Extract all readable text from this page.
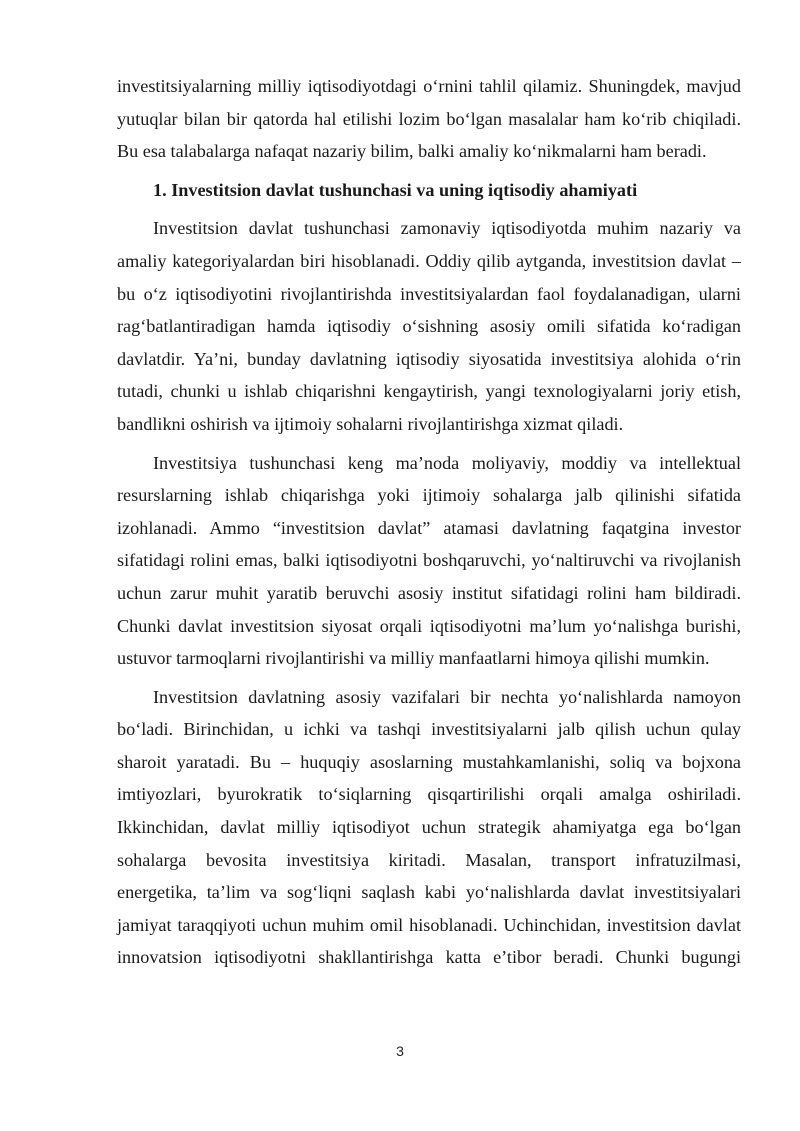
investitsiyalarning milliy iqtisodiyotdagi o‘rnini tahlil qilamiz. Shuningdek, mavjud
yutuqlar bilan bir qatorda hal etilishi lozim bo‘lgan masalalar ham ko‘rib chiqiladi.
Bu esa talabalarga nafaqat nazariy bilim, balki amaliy ko‘nikmalarni ham beradi.
1. Investitsion davlat tushunchasi va uning iqtisodiy ahamiyati
Investitsion davlat tushunchasi zamonaviy iqtisodiyotda muhim nazariy va
amaliy kategoriyalardan biri hisoblanadi. Oddiy qilib aytganda, investitsion davlat –
bu o‘z iqtisodiyotini rivojlantirishda investitsiyalardan faol foydalanadigan, ularni
rag‘batlantiradigan hamda iqtisodiy o‘sishning asosiy omili sifatida ko‘radigan
davlatdir. Ya’ni, bunday davlatning iqtisodiy siyosatida investitsiya alohida o‘rin
tutadi, chunki u ishlab chiqarishni kengaytirish, yangi texnologiyalarni joriy etish,
bandlikni oshirish va ijtimoiy sohalarni rivojlantirishga xizmat qiladi.
Investitsiya tushunchasi keng ma’noda moliyaviy, moddiy va intellektual
resurslarning ishlab chiqarishga yoki ijtimoiy sohalarga jalb qilinishi sifatida
izohlanadi. Ammo “investitsion davlat” atamasi davlatning faqatgina investor
sifatidagi rolini emas, balki iqtisodiyotni boshqaruvchi, yo‘naltiruvchi va rivojlanish
uchun zarur muhit yaratib beruvchi asosiy institut sifatidagi rolini ham bildiradi.
Chunki davlat investitsion siyosat orqali iqtisodiyotni ma’lum yo‘nalishga burishi,
ustuvor tarmoqlarni rivojlantirishi va milliy manfaatlarni himoya qilishi mumkin.
Investitsion davlatning asosiy vazifalari bir nechta yo‘nalishlarda namoyon
bo‘ladi. Birinchidan, u ichki va tashqi investitsiyalarni jalb qilish uchun qulay
sharoit yaratadi. Bu – huquqiy asoslarning mustahkamlanishi, soliq va bojxona
imtiyozlari, byurokratik to‘siqlarning qisqartirilishi orqali amalga oshiriladi.
Ikkinchidan, davlat milliy iqtisodiyot uchun strategik ahamiyatga ega bo‘lgan
sohalarga bevosita investitsiya kiritadi. Masalan, transport infratuzilmasi,
energetika, ta’lim va sog‘liqni saqlash kabi yo‘nalishlarda davlat investitsiyalari
jamiyat taraqqiyoti uchun muhim omil hisoblanadi. Uchinchidan, investitsion davlat
innovatsion iqtisodiyotni shakllantirishga katta e’tibor beradi. Chunki bugungi
3
